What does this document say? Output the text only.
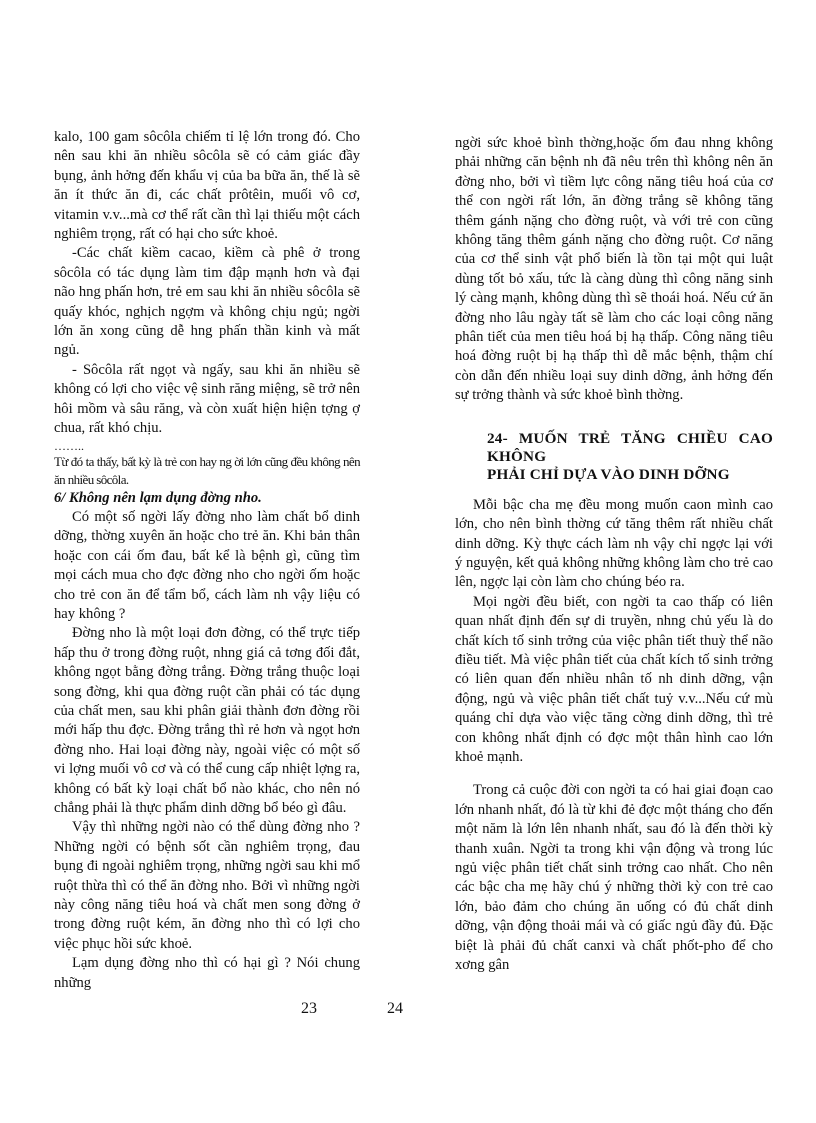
kalo, 100 gam sôcôla chiếm tỉ lệ lớn trong đó. Cho nên sau khi ăn nhiều sôcôla sẽ có cảm giác đầy bụng, ảnh hởng đến khẩu vị của ba bữa ăn, thế là sẽ ăn ít thức ăn đi, các chất prôtêin, muối vô cơ, vitamin v.v...mà cơ thể rất cần thì lại thiếu một cách nghiêm trọng, rất có hại cho sức khoẻ.

-Các chất kiềm cacao, kiềm cà phê ở trong sôcôla có tác dụng làm tim đập mạnh hơn và đại não hng phấn hơn, trẻ em sau khi ăn nhiều sôcôla sẽ quấy khóc, nghịch ngợm và không chịu ngủ; ngời lớn ăn xong cũng dễ hng phấn thần kinh và mất ngủ.

- Sôcôla rất ngọt và ngấy, sau khi ăn nhiều sẽ không có lợi cho việc vệ sinh răng miệng, sẽ trở nên hôi mồm và sâu răng, và còn xuất hiện hiện tợng ợ chua, rất khó chịu.

……..

Từ đó ta thấy, bất kỳ là trẻ con hay ng ời lớn cũng đều không nên ăn nhiều sôcôla.

6/ Không nên lạm dụng đờng nho.

Có một số ngời lấy đờng nho làm chất bổ dinh dỡng, thờng xuyên ăn hoặc cho trẻ ăn. Khi bản thân hoặc con cái ốm đau, bất kể là bệnh gì, cũng tìm mọi cách mua cho đợc đờng nho cho ngời ốm hoặc cho trẻ con ăn để tẩm bổ, cách làm nh vậy liệu có hay không ?

Đờng nho là một loại đơn đờng, có thể trực tiếp hấp thu ở trong đờng ruột, nhng giá cả tơng đối đắt, không ngọt bằng đờng trắng. Đờng trắng thuộc loại song đờng, khi qua đờng ruột cần phải có tác dụng của chất men, sau khi phân giải thành đơn đờng rồi mới hấp thu đợc. Đờng trắng thì rẻ hơn và ngọt hơn đờng nho. Hai loại đờng này, ngoài việc có một số vi lợng muối vô cơ và có thể cung cấp nhiệt lợng ra, không có bất kỳ loại chất bổ nào khác, cho nên nó chẳng phải là thực phẩm dinh dỡng bổ béo gì đâu.

Vậy thì những ngời nào có thể dùng đờng nho ? Những ngời có bệnh sốt cần nghiêm trọng, đau bụng đi ngoài nghiêm trọng, những ngời sau khi mổ ruột thừa thì có thể ăn đờng nho. Bởi vì những ngời này công năng tiêu hoá và chất men song đờng ở trong đờng ruột kém, ăn đờng nho thì có lợi cho việc phục hồi sức khoẻ.

Lạm dụng đờng nho thì có hại gì ? Nói chung những

ngời sức khoẻ bình thờng,hoặc ốm đau nhng không phải những căn bệnh nh đã nêu trên thì không nên ăn đờng nho, bởi vì tiềm lực công năng tiêu hoá của cơ thể con ngời rất lớn, ăn đờng trắng sẽ không tăng thêm gánh nặng cho đờng ruột, và với trẻ con cũng không tăng thêm gánh nặng cho đờng ruột. Cơ năng của cơ thể sinh vật phổ biến là tồn tại một qui luật dùng tốt bỏ xấu, tức là càng dùng thì công năng sinh lý càng mạnh, không dùng thì sẽ thoái hoá. Nếu cứ ăn đờng nho lâu ngày tất sẽ làm cho các loại công năng phân tiết của men tiêu hoá bị hạ thấp. Công năng tiêu hoá đờng ruột bị hạ thấp thì dễ mắc bệnh, thậm chí còn dẫn đến nhiều loại suy dinh dỡng, ảnh hởng đến sự trởng thành và sức khoẻ bình thờng.

24- MUỐN TRẺ TĂNG CHIỀU CAO KHÔNG
PHẢI CHỈ DỰA VÀO DINH DỠNG

Mỗi bậc cha mẹ đều mong muốn caon mình cao lớn, cho nên bình thờng cứ tăng thêm rất nhiều chất dinh dỡng. Kỳ thực cách làm nh vậy chỉ ngợc lại với ý nguyện, kết quả không những không làm cho trẻ cao lên, ngợc lại còn làm cho chúng béo ra.

Mọi ngời đều biết, con ngời ta cao thấp có liên quan nhất định đến sự di truyền, nhng chủ yếu là do chất kích tố sinh trởng của việc phân tiết thuỳ thể não điều tiết. Mà việc phân tiết của chất kích tố sinh trởng có liên quan đến nhiều nhân tố nh dinh dỡng, vận động, ngủ và việc phân tiết chất tuỷ v.v...Nếu cứ mù quáng chỉ dựa vào việc tăng cờng dinh dỡng, thì trẻ con không nhất định có đợc một thân hình cao lớn khoẻ mạnh.

Trong cả cuộc đời con ngời ta có hai giai đoạn cao lớn nhanh nhất, đó là từ khi đẻ đợc một tháng cho đến một năm là lớn lên nhanh nhất, sau đó là đến thời kỳ thanh xuân. Ngời ta trong khi vận động và trong lúc ngủ việc phân tiết chất sinh trởng cao nhất. Cho nên các bậc cha mẹ hãy chú ý những thời kỳ con trẻ cao lớn, bảo đảm cho chúng ăn uống có đủ chất dinh dỡng, vận động thoải mái và có giấc ngủ đầy đủ. Đặc biệt là phải đủ chất canxi và chất phốt-pho để cho xơng gân

23	24
